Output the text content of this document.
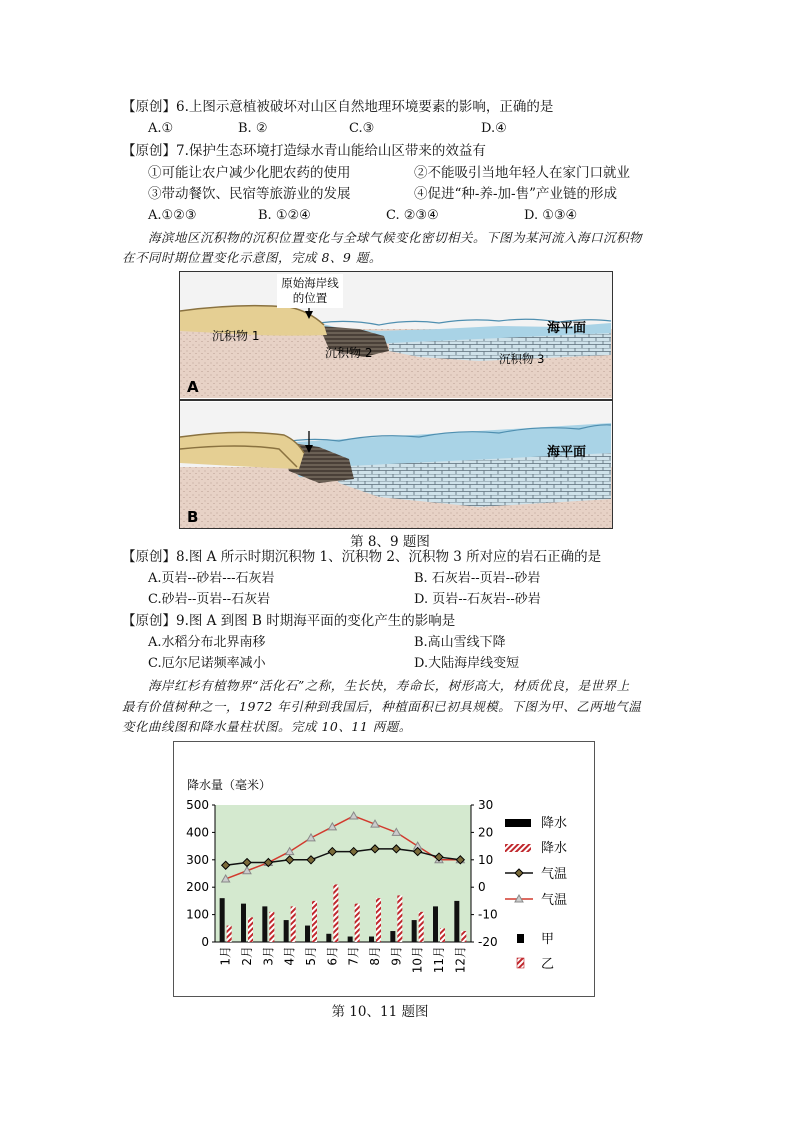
【原创】6.上图示意植被破坏对山区自然地理环境要素的影响，正确的是
A.①	B. ②	C.③	D.④
【原创】7.保护生态环境打造绿水青山能给山区带来的效益有
①可能让农户减少化肥农药的使用	②不能吸引当地年轻人在家门口就业
③带动餐饮、民宿等旅游业的发展	④促进“种-养-加-售”产业链的形成
A.①②③	B. ①②④	C. ②③④	D. ①③④
海滨地区沉积物的沉积位置变化与全球气候变化密切相关。下图为某河流入海口沉积物
在不同时期位置变化示意图，完成 8、9 题。
原始海岸线
的位置
海平面
沉积物 1
沉积物 2	沉积物 3
A
海平面
B
第 8、9 题图
【原创】8.图 A 所示时期沉积物 1、沉积物 2、沉积物 3 所对应的岩石正确的是
A.页岩--砂岩---石灰岩	B. 石灰岩--页岩--砂岩
C.砂岩--页岩--石灰岩	D. 页岩--石灰岩--砂岩
【原创】9.图 A 到图 B 时期海平面的变化产生的影响是
A.水稻分布北界南移	B.高山雪线下降
C.厄尔尼诺频率减小	D.大陆海岸线变短
海岸红杉有植物界“活化石”之称，生长快，寿命长，树形高大，材质优良，是世界上
最有价值树种之一，1972 年引种到我国后，种植面积已初具规模。下图为甲、乙两地气温
变化曲线图和降水量柱状图。完成 10、11 两题。
降水量（毫米）
500
400
300
200
100
0
30
20
10
0
-10
-20
1月 2月 3月 4月 5月 6月 7月 8月 9月 10月 11月 12月
降水
降水
气温
气温
甲
乙
第 10、11 题图
